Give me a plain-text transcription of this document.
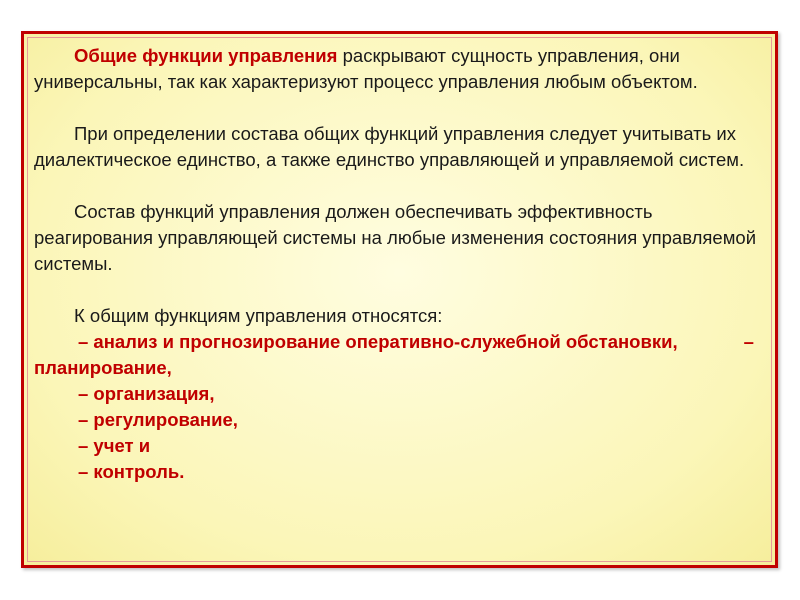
Общие функции управления раскрывают сущность управления, они универсальны, так как характеризуют процесс управления любым объектом.

При определении состава общих функций управления следует учитывать их диалектическое единство, а также единство управляющей и управляемой систем.

Состав функций управления должен обеспечивать эффективность реагирования управляющей системы на любые изменения состояния управляемой системы.

К общим функциям управления относятся:

– анализ и прогнозирование оперативно-служебной обстановки,	– планирование,

– организация,

– регулирование,

– учет и

– контроль.
